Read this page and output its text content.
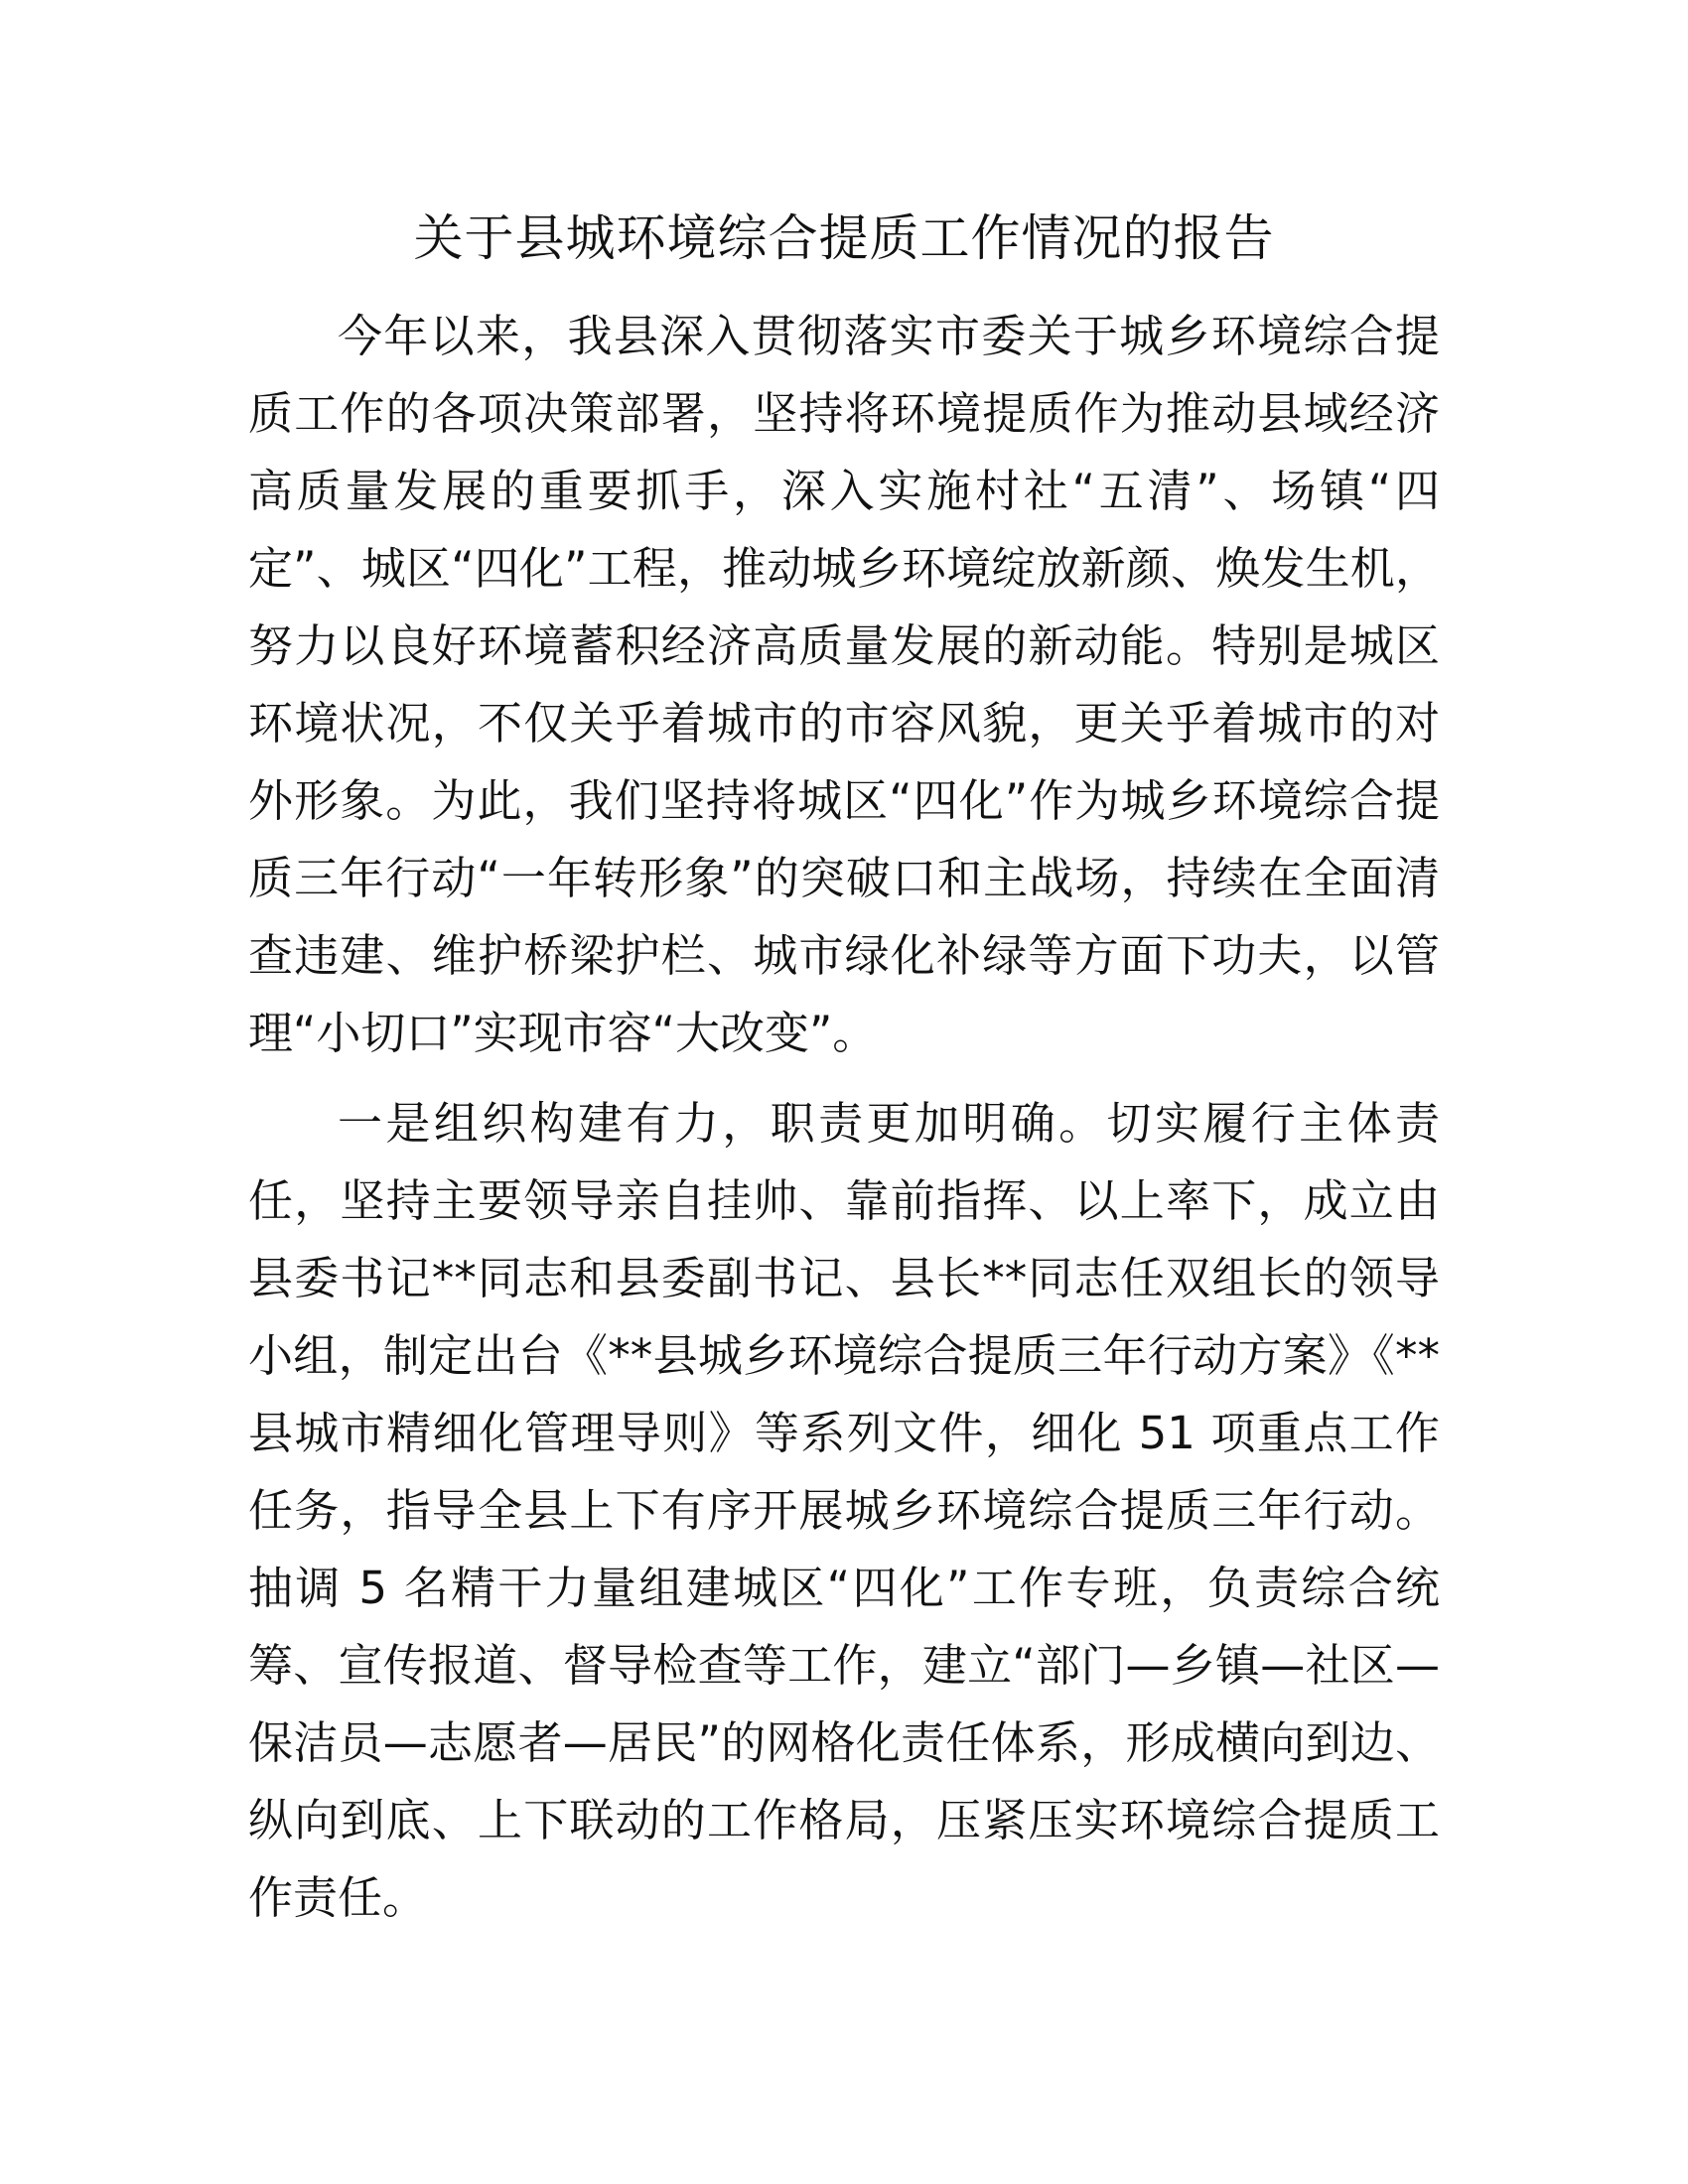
关于县城环境综合提质工作情况的报告

今年以来，我县深入贯彻落实市委关于城乡环境综合提质工作的各项决策部署，坚持将环境提质作为推动县域经济高质量发展的重要抓手，深入实施村社“五清”、场镇“四定”、城区“四化”工程，推动城乡环境绽放新颜、焕发生机，努力以良好环境蓄积经济高质量发展的新动能。特别是城区环境状况，不仅关乎着城市的市容风貌，更关乎着城市的对外形象。为此，我们坚持将城区“四化”作为城乡环境综合提质三年行动“一年转形象”的突破口和主战场，持续在全面清查违建、维护桥梁护栏、城市绿化补绿等方面下功夫，以管理“小切口”实现市容“大改变”。

一是组织构建有力，职责更加明确。切实履行主体责任，坚持主要领导亲自挂帅、靠前指挥、以上率下，成立由县委书记**同志和县委副书记、县长**同志任双组长的领导小组，制定出台《**县城乡环境综合提质三年行动方案》《**县城市精细化管理导则》等系列文件，细化 51 项重点工作任务，指导全县上下有序开展城乡环境综合提质三年行动。抽调 5 名精干力量组建城区“四化”工作专班，负责综合统筹、宣传报道、督导检查等工作，建立“部门—乡镇—社区—保洁员—志愿者—居民”的网格化责任体系，形成横向到边、纵向到底、上下联动的工作格局，压紧压实环境综合提质工作责任。
